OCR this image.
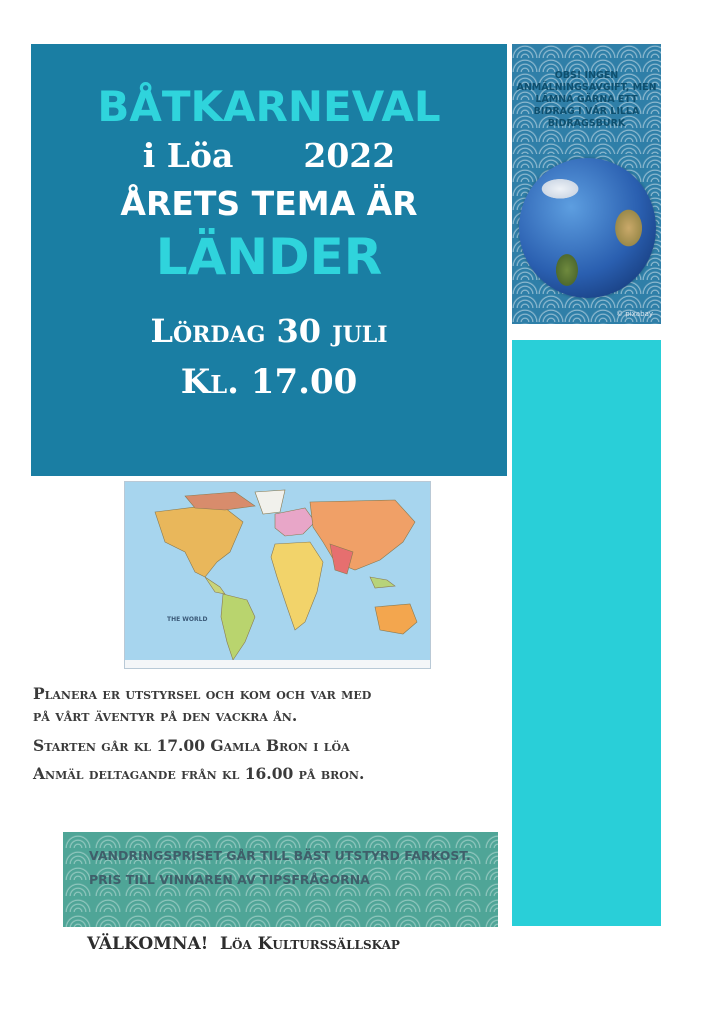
BÅTKARNEVAL
i Löa 2022
ÅRETS TEMA ÄR
LÄNDER
Lördag 30 juli
Kl. 17.00
OBS! INGEN ANMÄLNINGSAVGIFT, MEN LÄMNA GÄRNA ETT BIDRAG I VÅR LILLA BIDRAGSBURK
© pixabay
THE WORLD
Planera er utstyrsel och kom och var med
på vårt äventyr på den vackra ån.
Starten går kl 17.00 Gamla Bron i löa
Anmäl deltagande från kl 16.00 på bron.
VANDRINGSPRISET GÅR TILL BÄST UTSTYRD FARKOST.
PRIS TILL VINNAREN AV TIPSFRÅGORNA
VÄLKOMNA! Löa Kulturssällskap
